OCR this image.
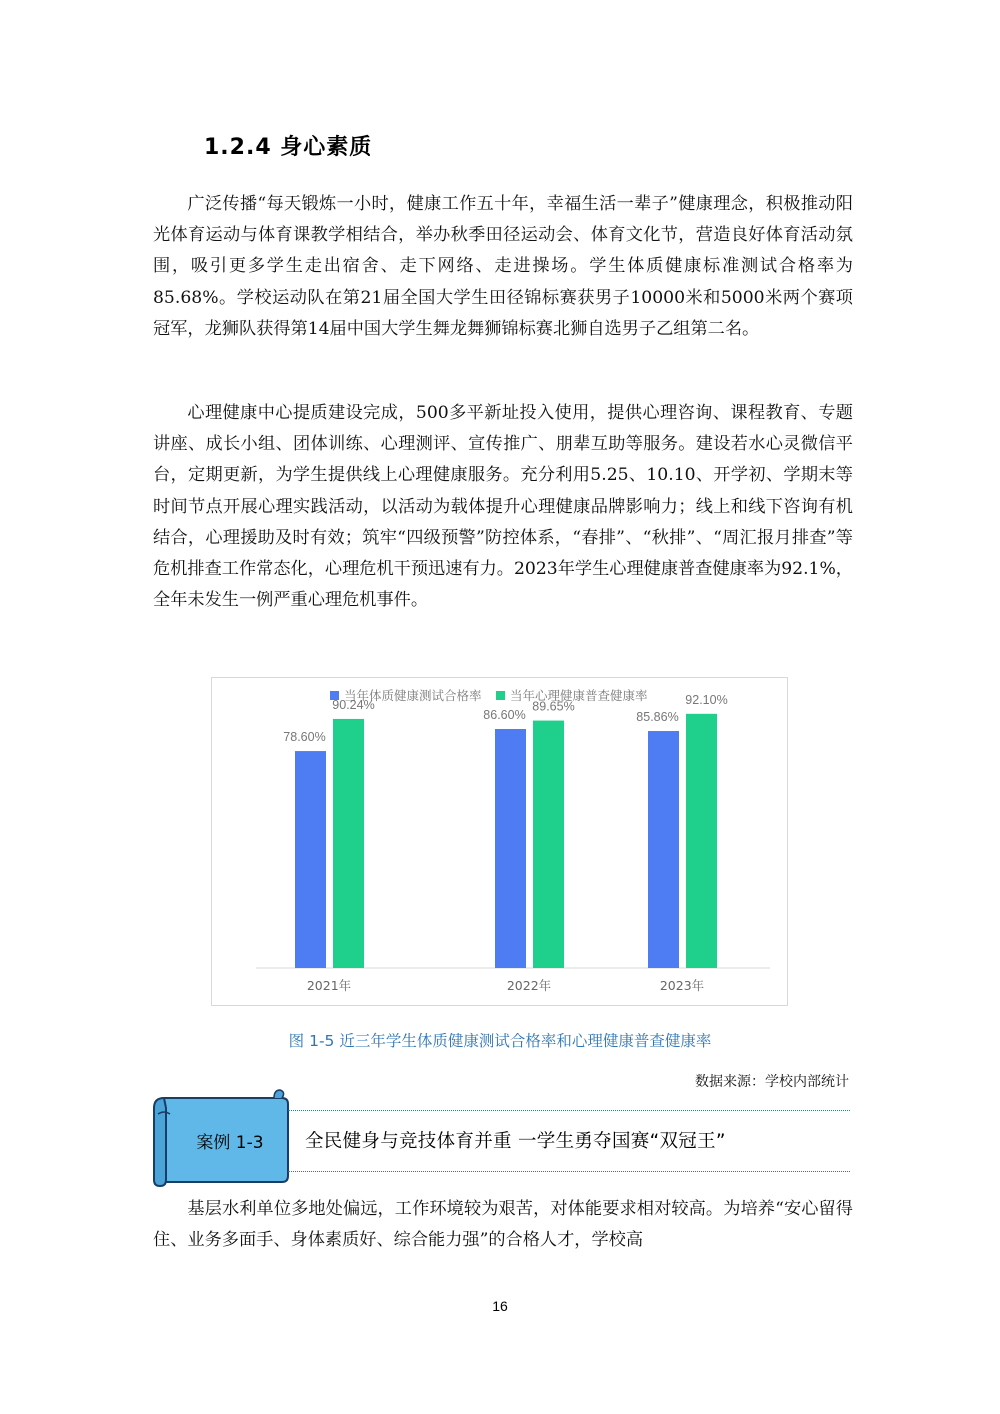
1.2.4 身心素质

广泛传播“每天锻炼一小时，健康工作五十年，幸福生活一辈子”健康理念，积极推动阳光体育运动与体育课教学相结合，举办秋季田径运动会、体育文化节，营造良好体育活动氛围，吸引更多学生走出宿舍、走下网络、走进操场。学生体质健康标准测试合格率为85.68%。学校运动队在第21届全国大学生田径锦标赛获男子10000米和5000米两个赛项冠军，龙狮队获得第14届中国大学生舞龙舞狮锦标赛北狮自选男子乙组第二名。

心理健康中心提质建设完成，500多平新址投入使用，提供心理咨询、课程教育、专题讲座、成长小组、团体训练、心理测评、宣传推广、朋辈互助等服务。建设若水心灵微信平台，定期更新，为学生提供线上心理健康服务。充分利用5.25、10.10、开学初、学期末等时间节点开展心理实践活动，以活动为载体提升心理健康品牌影响力；线上和线下咨询有机结合，心理援助及时有效；筑牢“四级预警”防控体系，“春排”、“秋排”、“周汇报月排查”等危机排查工作常态化，心理危机干预迅速有力。2023年学生心理健康普查健康率为92.1%，全年未发生一例严重心理危机事件。

当年体质健康测试合格率 当年心理健康普查健康率
78.60%
90.24%
2021年
86.60%
89.65%
2022年
85.86%
92.10%
2023年
图 1-5 近三年学生体质健康测试合格率和心理健康普查健康率
数据来源：学校内部统计
案例 1-3	全民健身与竞技体育并重 一学生勇夺国赛“双冠王”

基层水利单位多地处偏远，工作环境较为艰苦，对体能要求相对较高。为培养“安心留得住、业务多面手、身体素质好、综合能力强”的合格人才，学校高

16
